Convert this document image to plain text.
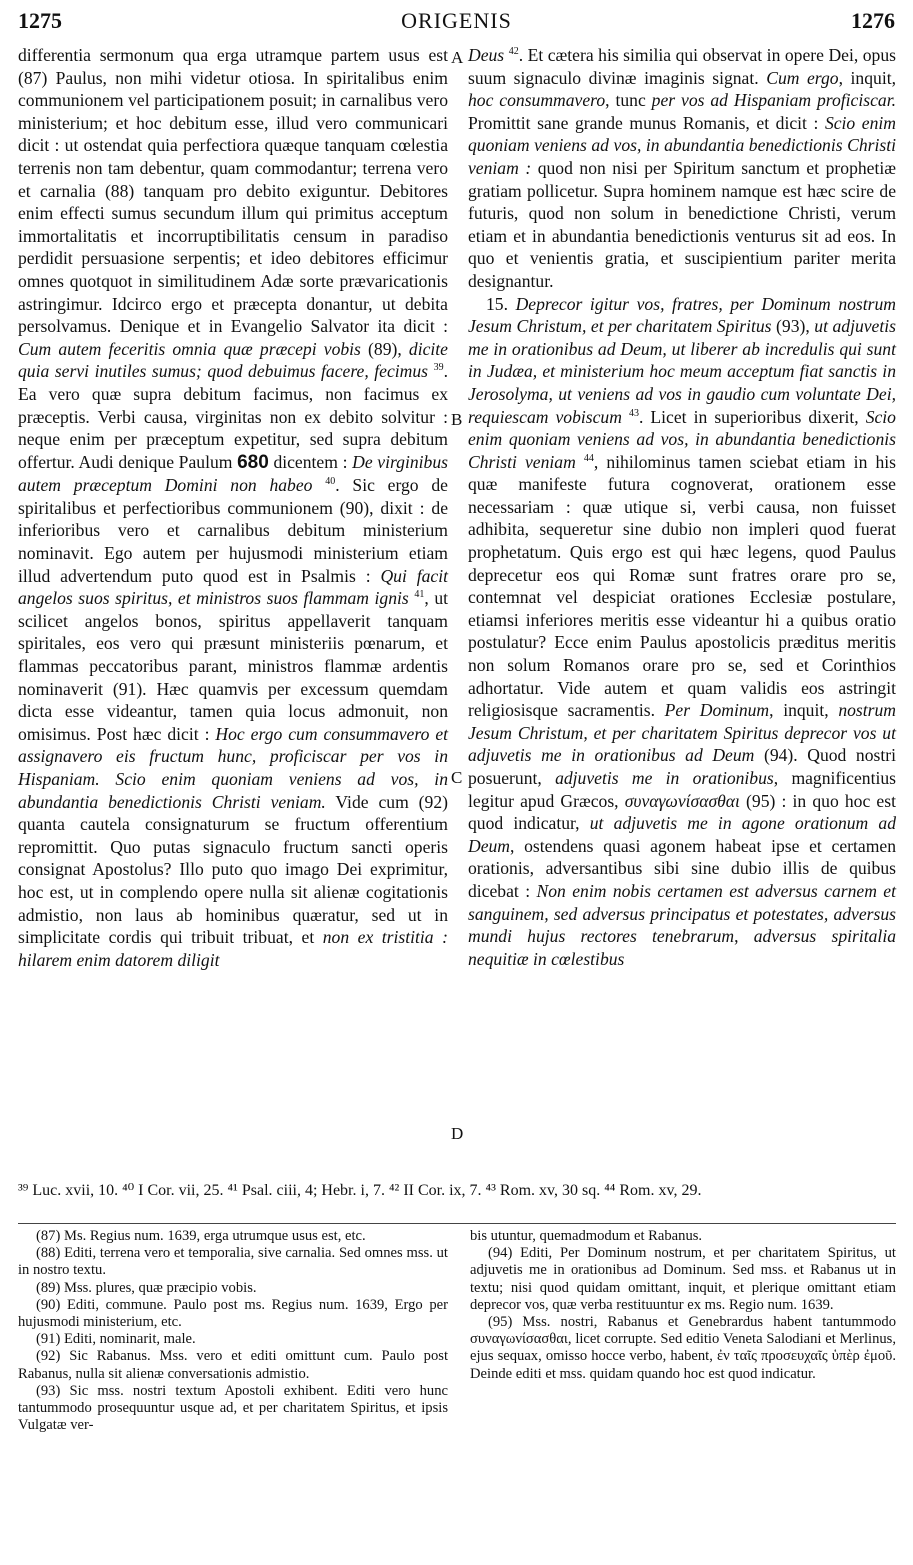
1275	ORIGENIS	1276
A
B
C
D

differentia sermonum qua erga utramque partem usus est (87) Paulus, non mihi videtur otiosa. In spiritalibus enim communionem vel participationem posuit; in carnalibus vero ministerium; et hoc debitum esse, illud vero communicari dicit : ut ostendat quia perfectiora quæque tanquam cœlestia terrenis non tam debentur, quam commodantur; terrena vero et carnalia (88) tanquam pro debito exiguntur. Debitores enim effecti sumus secundum illum qui primitus acceptum immortalitatis et incorruptibilitatis censum in paradiso perdidit persuasione serpentis; et ideo debitores efficimur omnes quotquot in similitudinem Adæ sorte prævaricationis astringimur. Idcirco ergo et præcepta donantur, ut debita persolvamus. Denique et in Evangelio Salvator ita dicit : Cum autem feceritis omnia quæ præcepi vobis (89), dicite quia servi inutiles sumus; quod debuimus facere, fecimus $^{39}$. Ea vero quæ supra debitum facimus, non facimus ex præceptis. Verbi causa, virginitas non ex debito solvitur : neque enim per præceptum expetitur, sed supra debitum offertur. Audi denique Paulum 680 dicentem : De virginibus autem præceptum Domini non habeo $^{40}$. Sic ergo de spiritalibus et perfectioribus communionem (90), dixit : de inferioribus vero et carnalibus debitum ministerium nominavit. Ego autem per hujusmodi ministerium etiam illud advertendum puto quod est in Psalmis : Qui facit angelos suos spiritus, et ministros suos flammam ignis $^{41}$, ut scilicet angelos bonos, spiritus appellaverit tanquam spiritales, eos vero qui præsunt ministeriis pœnarum, et flammas peccatoribus parant, ministros flammæ ardentis nominaverit (91). Hæc quamvis per excessum quemdam dicta esse videantur, tamen quia locus admonuit, non omisimus. Post hæc dicit : Hoc ergo cum consummavero et assignavero eis fructum hunc, proficiscar per vos in Hispaniam. Scio enim quoniam veniens ad vos, in abundantia benedictionis Christi veniam. Vide cum (92) quanta cautela consignaturum se fructum offerentium repromittit. Quo putas signaculo fructum sancti operis consignat Apostolus? Illo puto quo imago Dei exprimitur, hoc est, ut in complendo opere nulla sit alienæ cogitationis admistio, non laus ab hominibus quæratur, sed ut in simplicitate cordis qui tribuit tribuat, et non ex tristitia : hilarem enim datorem diligit

Deus $^{42}$. Et cætera his similia qui observat in opere Dei, opus suum signaculo divinæ imaginis signat. Cum ergo, inquit, hoc consummavero, tunc per vos ad Hispaniam proficiscar. Promittit sane grande munus Romanis, et dicit : Scio enim quoniam veniens ad vos, in abundantia benedictionis Christi veniam : quod non nisi per Spiritum sanctum et prophetiæ gratiam pollicetur. Supra hominem namque est hæc scire de futuris, quod non solum in benedictione Christi, verum etiam et in abundantia benedictionis venturus sit ad eos. In quo et venientis gratia, et suscipientium pariter merita designantur.

15. Deprecor igitur vos, fratres, per Dominum nostrum Jesum Christum, et per charitatem Spiritus (93), ut adjuvetis me in orationibus ad Deum, ut liberer ab incredulis qui sunt in Judæa, et ministerium hoc meum acceptum fiat sanctis in Jerosolyma, ut veniens ad vos in gaudio cum voluntate Dei, requiescam vobiscum $^{43}$. Licet in superioribus dixerit, Scio enim quoniam veniens ad vos, in abundantia benedictionis Christi veniam $^{44}$, nihilominus tamen sciebat etiam in his quæ manifeste futura cognoverat, orationem esse necessariam : quæ utique si, verbi causa, non fuisset adhibita, sequeretur sine dubio non impleri quod fuerat prophetatum. Quis ergo est qui hæc legens, quod Paulus deprecetur eos qui Romæ sunt fratres orare pro se, contemnat vel despiciat orationes Ecclesiæ postulare, etiamsi inferiores meritis esse videantur hi a quibus oratio postulatur? Ecce enim Paulus apostolicis præditus meritis non solum Romanos orare pro se, sed et Corinthios adhortatur. Vide autem et quam validis eos astringit religiosisque sacramentis. Per Dominum, inquit, nostrum Jesum Christum, et per charitatem Spiritus deprecor vos ut adjuvetis me in orationibus ad Deum (94). Quod nostri posuerunt, adjuvetis me in orationibus, magnificentius legitur apud Græcos, συναγωνίσασθαι (95) : in quo hoc est quod indicatur, ut adjuvetis me in agone orationum ad Deum, ostendens quasi agonem habeat ipse et certamen orationis, adversantibus sibi sine dubio illis de quibus dicebat : Non enim nobis certamen est adversus carnem et sanguinem, sed adversus principatus et potestates, adversus mundi hujus rectores tenebrarum, adversus spiritalia nequitiæ in cœlestibus

³⁹ Luc. xvii, 10. ⁴⁰ I Cor. vii, 25. ⁴¹ Psal. ciii, 4; Hebr. i, 7. ⁴² II Cor. ix, 7. ⁴³ Rom. xv, 30 sq. ⁴⁴ Rom. xv, 29.

(87) Ms. Regius num. 1639, erga utrumque usus est, etc.

(88) Editi, terrena vero et temporalia, sive carnalia. Sed omnes mss. ut in nostro textu.

(89) Mss. plures, quæ præcipio vobis.

(90) Editi, commune. Paulo post ms. Regius num. 1639, Ergo per hujusmodi ministerium, etc.

(91) Editi, nominarit, male.

(92) Sic Rabanus. Mss. vero et editi omittunt cum. Paulo post Rabanus, nulla sit alienæ conversationis admistio.

(93) Sic mss. nostri textum Apostoli exhibent. Editi vero hunc tantummodo prosequuntur usque ad, et per charitatem Spiritus, et ipsis Vulgatæ ver-

bis utuntur, quemadmodum et Rabanus.

(94) Editi, Per Dominum nostrum, et per charitatem Spiritus, ut adjuvetis me in orationibus ad Dominum. Sed mss. et Rabanus ut in textu; nisi quod quidam omittant, inquit, et plerique omittant etiam deprecor vos, quæ verba restituuntur ex ms. Regio num. 1639.

(95) Mss. nostri, Rabanus et Genebrardus habent tantummodo συναγωνίσασθαι, licet corrupte. Sed editio Veneta Salodiani et Merlinus, ejus sequax, omisso hocce verbo, habent, ἐν ταῖς προσευχαῖς ὑπὲρ ἐμοῦ. Deinde editi et mss. quidam quando hoc est quod indicatur.
